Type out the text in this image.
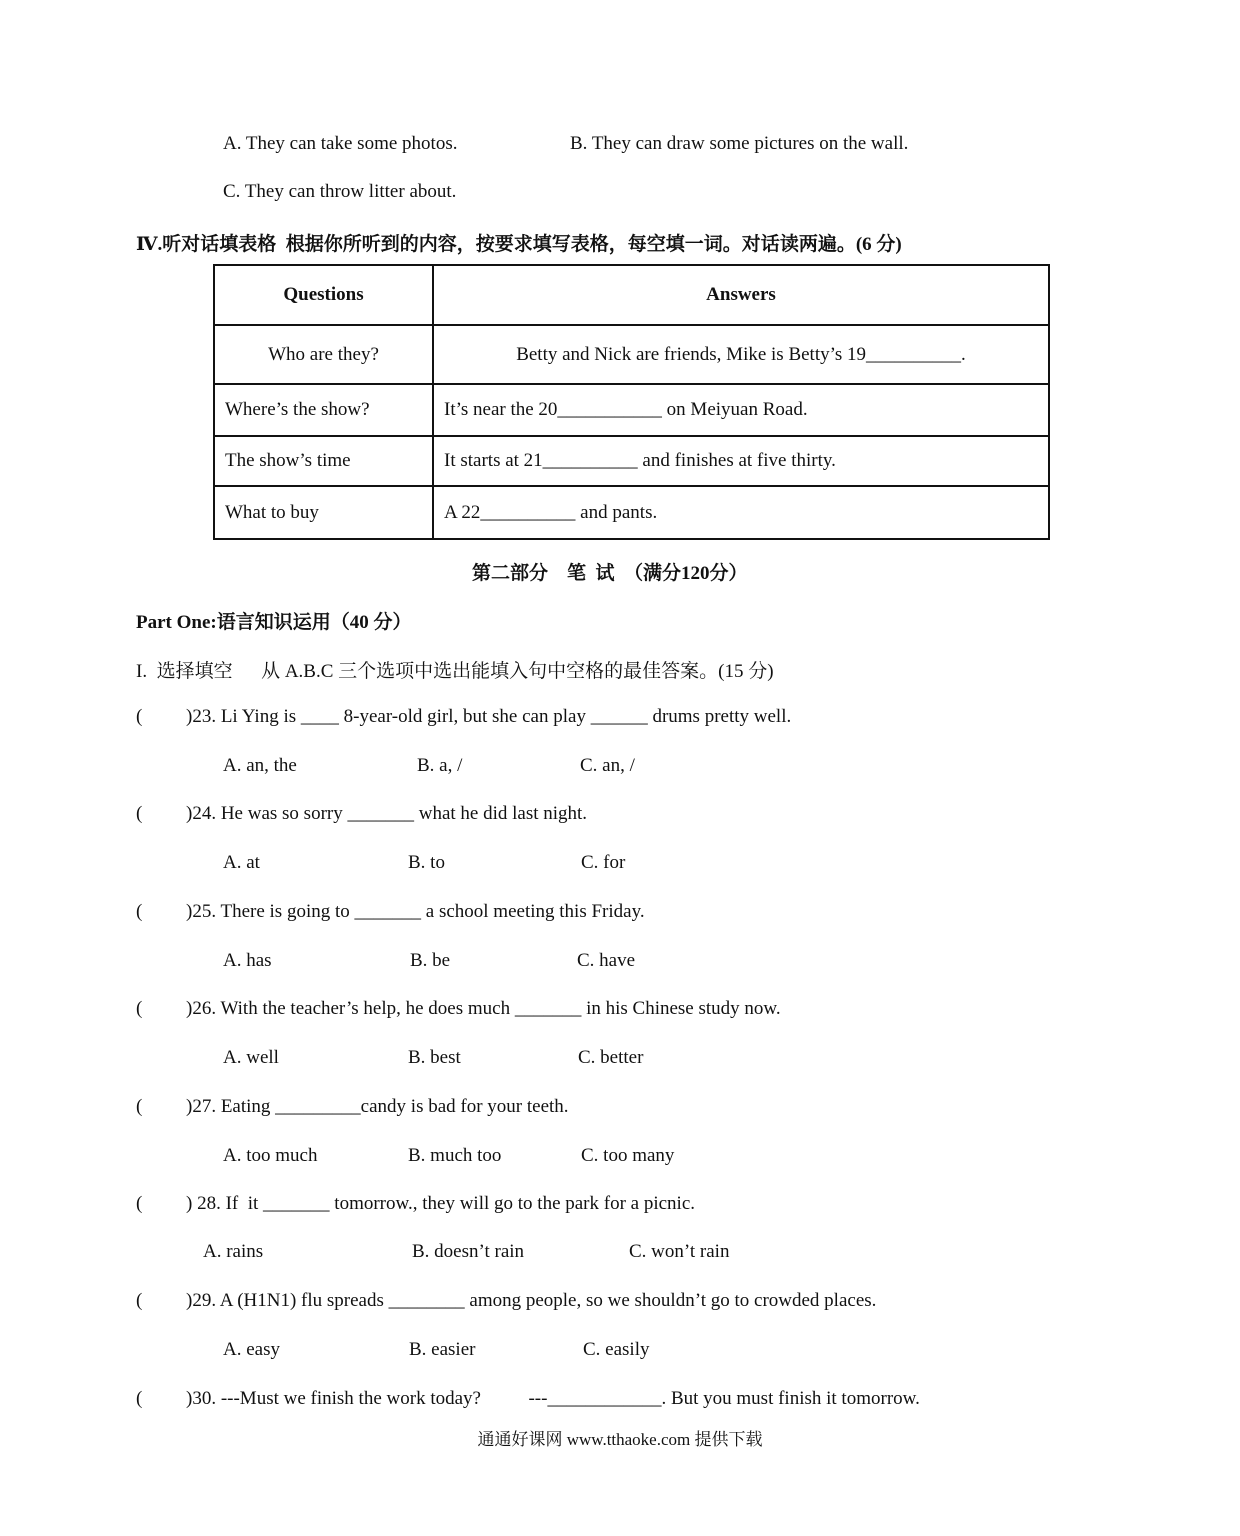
A. They can take some photos.	B. They can draw some pictures on the wall.
C. They can throw litter about.
Ⅳ.听对话填表格  根据你所听到的内容，按要求填写表格，每空填一词。对话读两遍。(6 分)
Questions	Answers
Who are they?	Betty and Nick are friends, Mike is Betty’s 19__________.
Where’s the show?	It’s near the 20___________ on Meiyuan Road.
The show’s time	It starts at 21__________ and finishes at five thirty.
What to buy	A 22__________ and pants.
第二部分    笔  试  （满分120分）
Part One:语言知识运用（40 分）
I.  选择填空      从 A.B.C 三个选项中选出能填入句中空格的最佳答案。(15 分)
( )23. Li Ying is ____ 8-year-old girl, but she can play ______ drums pretty well.
A. an, the	B. a, /	C. an, /
( )24. He was so sorry _______ what he did last night.
A. at	B. to	C. for
( )25. There is going to _______ a school meeting this Friday.
A. has	B. be	C. have
( )26. With the teacher’s help, he does much _______ in his Chinese study now.
A. well	B. best	C. better
( )27. Eating _________candy is bad for your teeth.
A. too much	B. much too	C. too many
( ) 28. If  it _______ tomorrow., they will go to the park for a picnic.
A. rains	B. doesn’t rain	C. won’t rain
( )29. A (H1N1) flu spreads ________ among people, so we shouldn’t go to crowded places.
A. easy	B. easier	C. easily
( )30. ---Must we finish the work today?          ---____________. But you must finish it tomorrow.
通通好课网 www.tthaoke.com 提供下载
